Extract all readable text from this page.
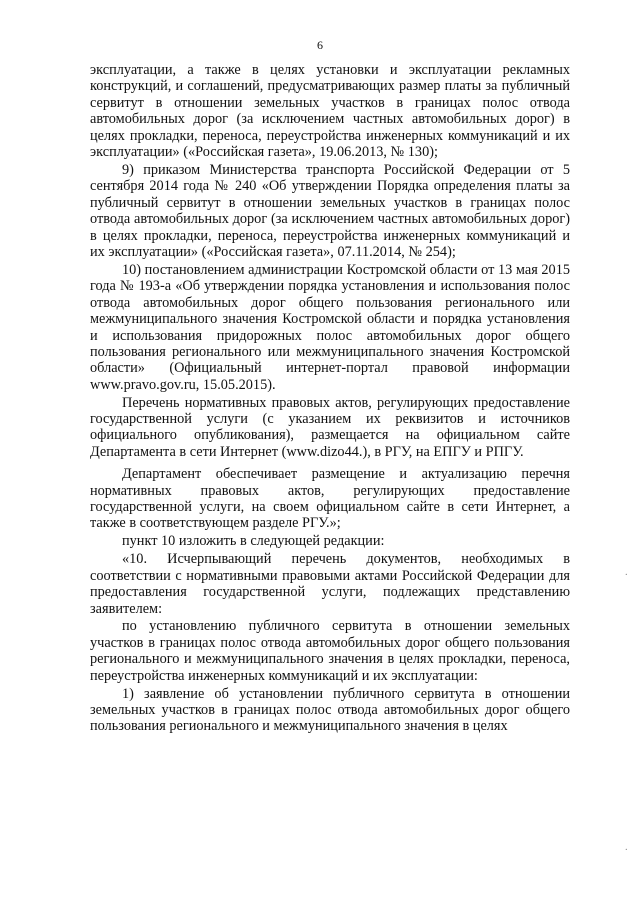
6

эксплуатации, а также в целях установки и эксплуатации рекламных конструкций, и соглашений, предусматривающих размер платы за публичный сервитут в отношении земельных участков в границах полос отвода автомобильных дорог (за исключением частных автомобильных дорог) в целях прокладки, переноса, переустройства инженерных коммуникаций и их эксплуатации» («Российская газета», 19.06.2013, № 130);

9) приказом Министерства транспорта Российской Федерации от 5 сентября 2014 года № 240 «Об утверждении Порядка определения платы за публичный сервитут в отношении земельных участков в границах полос отвода автомобильных дорог (за исключением частных автомобильных дорог) в целях прокладки, переноса, переустройства инженерных коммуникаций и их эксплуатации» («Российская газета», 07.11.2014, № 254);

10) постановлением администрации Костромской области от 13 мая 2015 года № 193-а «Об утверждении порядка установления и использования полос отвода автомобильных дорог общего пользования регионального или межмуниципального значения Костромской области и порядка установления и использования придорожных полос автомобильных дорог общего пользования регионального или межмуниципального значения Костромской области» (Официальный интернет-портал правовой информации www.pravo.gov.ru, 15.05.2015).

Перечень нормативных правовых актов, регулирующих предоставление государственной услуги (с указанием их реквизитов и источников официального опубликования), размещается на официальном сайте Департамента в сети Интернет (www.dizo44.), в РГУ, на ЕПГУ и РПГУ.

Департамент обеспечивает размещение и актуализацию перечня нормативных правовых актов, регулирующих предоставление государственной услуги, на своем официальном сайте в сети Интернет, а также в соответствующем разделе РГУ.»;

пункт 10 изложить в следующей редакции:

«10. Исчерпывающий перечень документов, необходимых в соответствии с нормативными правовыми актами Российской Федерации для предоставления государственной услуги, подлежащих представлению заявителем:

по установлению публичного сервитута в отношении земельных участков в границах полос отвода автомобильных дорог общего пользования регионального и межмуниципального значения в целях прокладки, переноса, переустройства инженерных коммуникаций и их эксплуатации:

1) заявление об установлении публичного сервитута в отношении земельных участков в границах полос отвода автомобильных дорог общего пользования регионального и межмуниципального значения в целях

·
·
